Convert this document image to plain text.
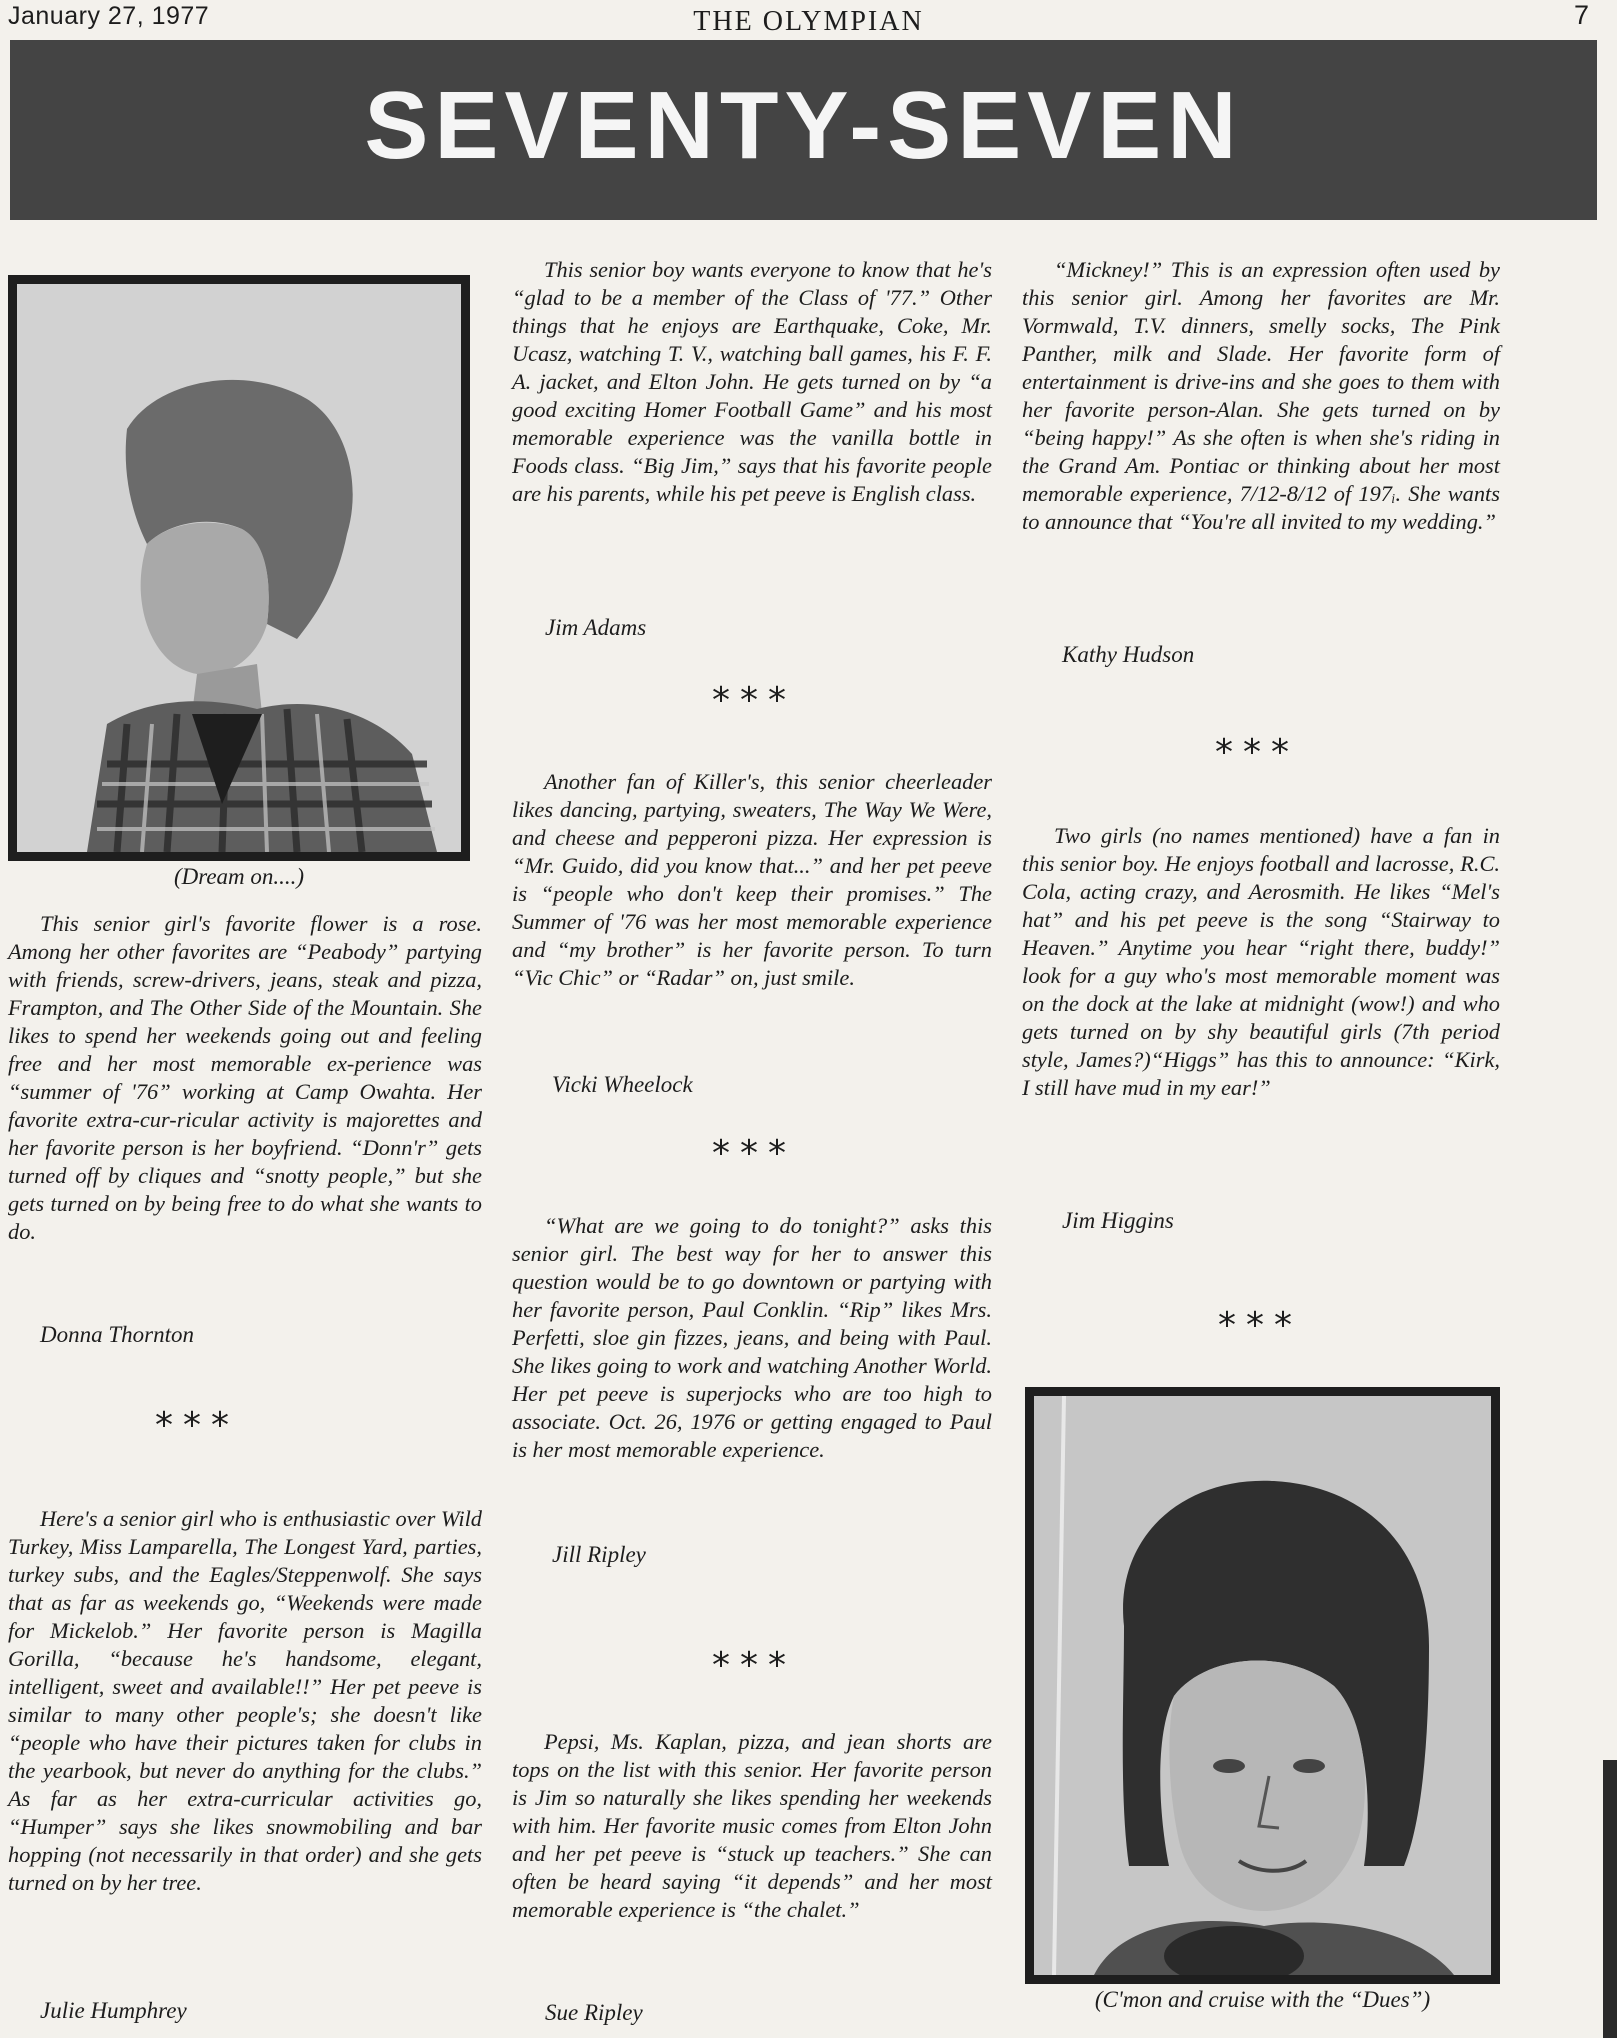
January 27, 1977	THE OLYMPIAN	7
SEVENTY-SEVEN
(Dream on....)

This senior girl's favorite flower is a rose. Among her other favorites are “Peabody” partying with friends, screw-drivers, jeans, steak and pizza, Frampton, and The Other Side of the Mountain. She likes to spend her weekends going out and feeling free and her most memorable ex-perience was “summer of '76” working at Camp Owahta. Her favorite extra-cur-ricular activity is majorettes and her favorite person is her boyfriend. “Donn'r” gets turned off by cliques and “snotty people,” but she gets turned on by being free to do what she wants to do.

Donna Thornton
***

Here's a senior girl who is enthusiastic over Wild Turkey, Miss Lamparella, The Longest Yard, parties, turkey subs, and the Eagles/Steppenwolf. She says that as far as weekends go, “Weekends were made for Mickelob.” Her favorite person is Magilla Gorilla, “because he's handsome, elegant, intelligent, sweet and available!!” Her pet peeve is similar to many other people's; she doesn't like “people who have their pictures taken for clubs in the yearbook, but never do anything for the clubs.” As far as her extra-curricular activities go, “Humper” says she likes snowmobiling and bar hopping (not necessarily in that order) and she gets turned on by her tree.

Julie Humphrey

This senior boy wants everyone to know that he's “glad to be a member of the Class of '77.” Other things that he enjoys are Earthquake, Coke, Mr. Ucasz, watching T. V., watching ball games, his F. F. A. jacket, and Elton John. He gets turned on by “a good exciting Homer Football Game” and his most memorable experience was the vanilla bottle in Foods class. “Big Jim,” says that his favorite people are his parents, while his pet peeve is English class.

Jim Adams
***

Another fan of Killer's, this senior cheerleader likes dancing, partying, sweaters, The Way We Were, and cheese and pepperoni pizza. Her expression is “Mr. Guido, did you know that...” and her pet peeve is “people who don't keep their promises.” The Summer of '76 was her most memorable experience and “my brother” is her favorite person. To turn “Vic Chic” or “Radar” on, just smile.

Vicki Wheelock
***

“What are we going to do tonight?” asks this senior girl. The best way for her to answer this question would be to go downtown or partying with her favorite person, Paul Conklin. “Rip” likes Mrs. Perfetti, sloe gin fizzes, jeans, and being with Paul. She likes going to work and watching Another World. Her pet peeve is superjocks who are too high to associate. Oct. 26, 1976 or getting engaged to Paul is her most memorable experience.

Jill Ripley
***

Pepsi, Ms. Kaplan, pizza, and jean shorts are tops on the list with this senior. Her favorite person is Jim so naturally she likes spending her weekends with him. Her favorite music comes from Elton John and her pet peeve is “stuck up teachers.” She can often be heard saying “it depends” and her most memorable experience is “the chalet.”

Sue Ripley

“Mickney!” This is an expression often used by this senior girl. Among her favorites are Mr. Vormwald, T.V. dinners, smelly socks, The Pink Panther, milk and Slade. Her favorite form of entertainment is drive-ins and she goes to them with her favorite person-Alan. She gets turned on by “being happy!” As she often is when she's riding in the Grand Am. Pontiac or thinking about her most memorable experience, 7/12-8/12 of 197ᵢ. She wants to announce that “You're all invited to my wedding.”

Kathy Hudson
***

Two girls (no names mentioned) have a fan in this senior boy. He enjoys football and lacrosse, R.C. Cola, acting crazy, and Aerosmith. He likes “Mel's hat” and his pet peeve is the song “Stairway to Heaven.” Anytime you hear “right there, buddy!” look for a guy who's most memorable moment was on the dock at the lake at midnight (wow!) and who gets turned on by shy beautiful girls (7th period style, James?)“Higgs” has this to announce: “Kirk, I still have mud in my ear!”

Jim Higgins
***
(C'mon and cruise with the “Dues”)
